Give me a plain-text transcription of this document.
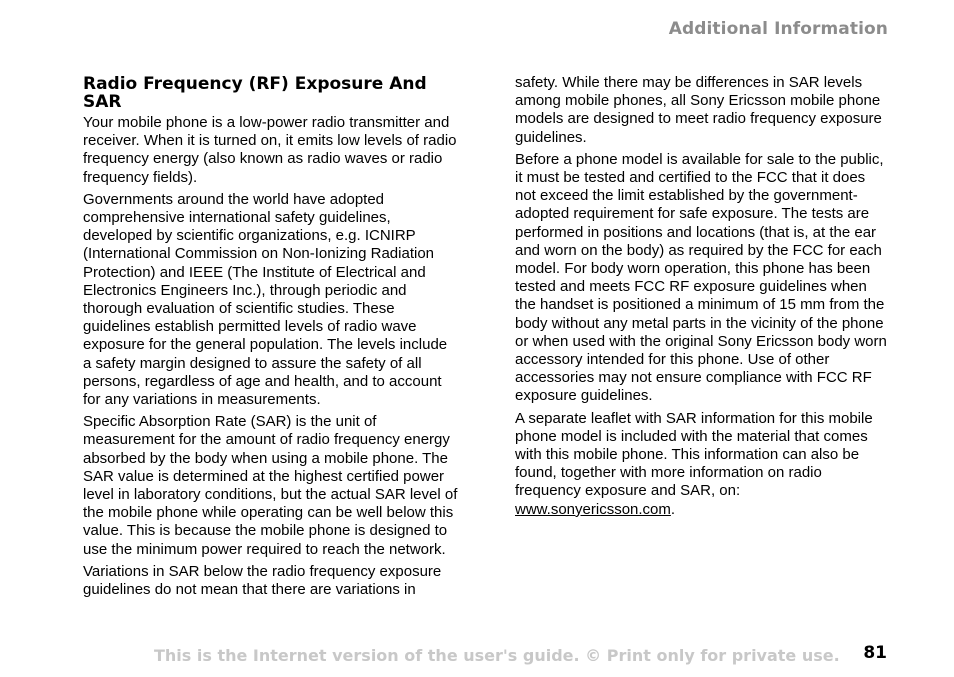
Additional Information
Radio Frequency (RF) Exposure And SAR

Your mobile phone is a low-power radio transmitter and receiver. When it is turned on, it emits low levels of radio frequency energy (also known as radio waves or radio frequency fields).

Governments around the world have adopted comprehensive international safety guidelines, developed by scientific organizations, e.g. ICNIRP (International Commission on Non-Ionizing Radiation Protection) and IEEE (The Institute of Electrical and Electronics Engineers Inc.), through periodic and thorough evaluation of scientific studies. These guidelines establish permitted levels of radio wave exposure for the general population. The levels include a safety margin designed to assure the safety of all persons, regardless of age and health, and to account for any variations in measurements.

Specific Absorption Rate (SAR) is the unit of measurement for the amount of radio frequency energy absorbed by the body when using a mobile phone. The SAR value is determined at the highest certified power level in laboratory conditions, but the actual SAR level of the mobile phone while operating can be well below this value. This is because the mobile phone is designed to use the minimum power required to reach the network.

Variations in SAR below the radio frequency exposure guidelines do not mean that there are variations in

safety. While there may be differences in SAR levels among mobile phones, all Sony Ericsson mobile phone models are designed to meet radio frequency exposure guidelines.

Before a phone model is available for sale to the public, it must be tested and certified to the FCC that it does not exceed the limit established by the government-adopted requirement for safe exposure. The tests are performed in positions and locations (that is, at the ear and worn on the body) as required by the FCC for each model. For body worn operation, this phone has been tested and meets FCC RF exposure guidelines when the handset is positioned a minimum of 15 mm from the body without any metal parts in the vicinity of the phone or when used with the original Sony Ericsson body worn accessory intended for this phone. Use of other accessories may not ensure compliance with FCC RF exposure guidelines.

A separate leaflet with SAR information for this mobile phone model is included with the material that comes with this mobile phone. This information can also be found, together with more information on radio frequency exposure and SAR, on: www.sonyericsson.com.

This is the Internet version of the user's guide. © Print only for private use. 81
